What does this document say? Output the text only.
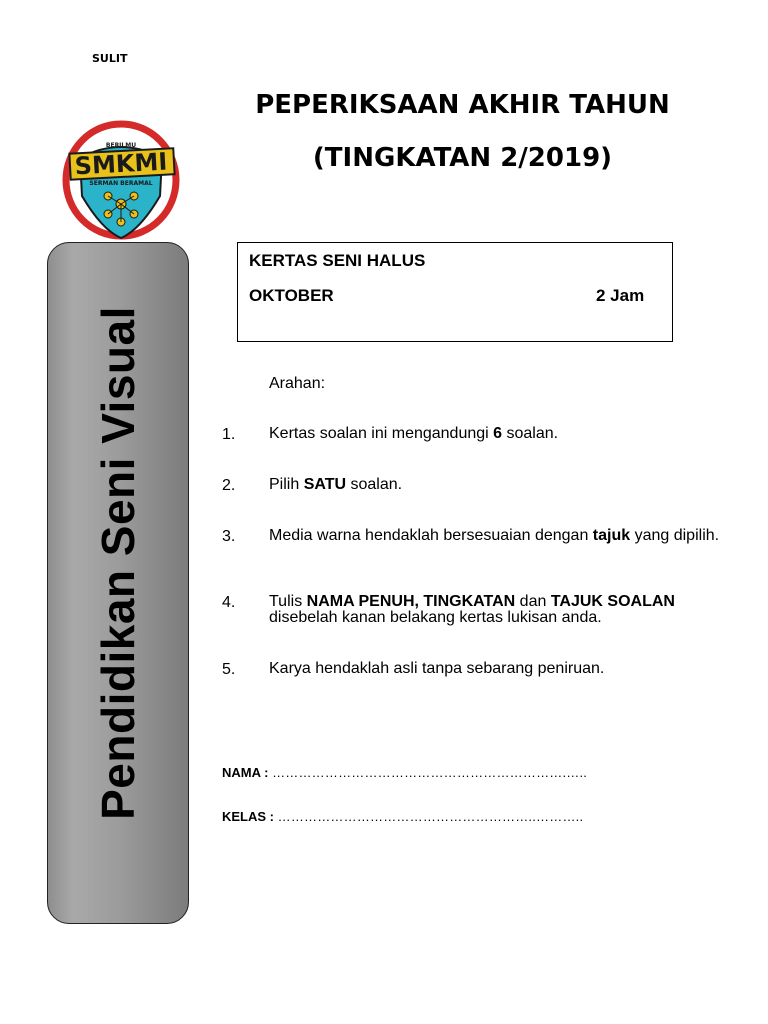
SULIT
PEPERIKSAAN AKHIR TAHUN
(TINGKATAN 2/2019)
BERILMU
SMKMI
SERMAN BERAMAL
Pendidikan Seni Visual
KERTAS SENI HALUS
OKTOBER	2 Jam
Arahan:
1. Kertas soalan ini mengandungi 6 soalan.
2. Pilih SATU soalan.
3. Media warna hendaklah bersesuaian dengan tajuk yang dipilih.
4. Tulis NAMA PENUH, TINGKATAN dan TAJUK SOALAN disebelah kanan belakang kertas lukisan anda.
5. Karya hendaklah asli tanpa sebarang peniruan.
NAMA : ………………………………………………………….…..
KELAS : …………………………………………………..………..
